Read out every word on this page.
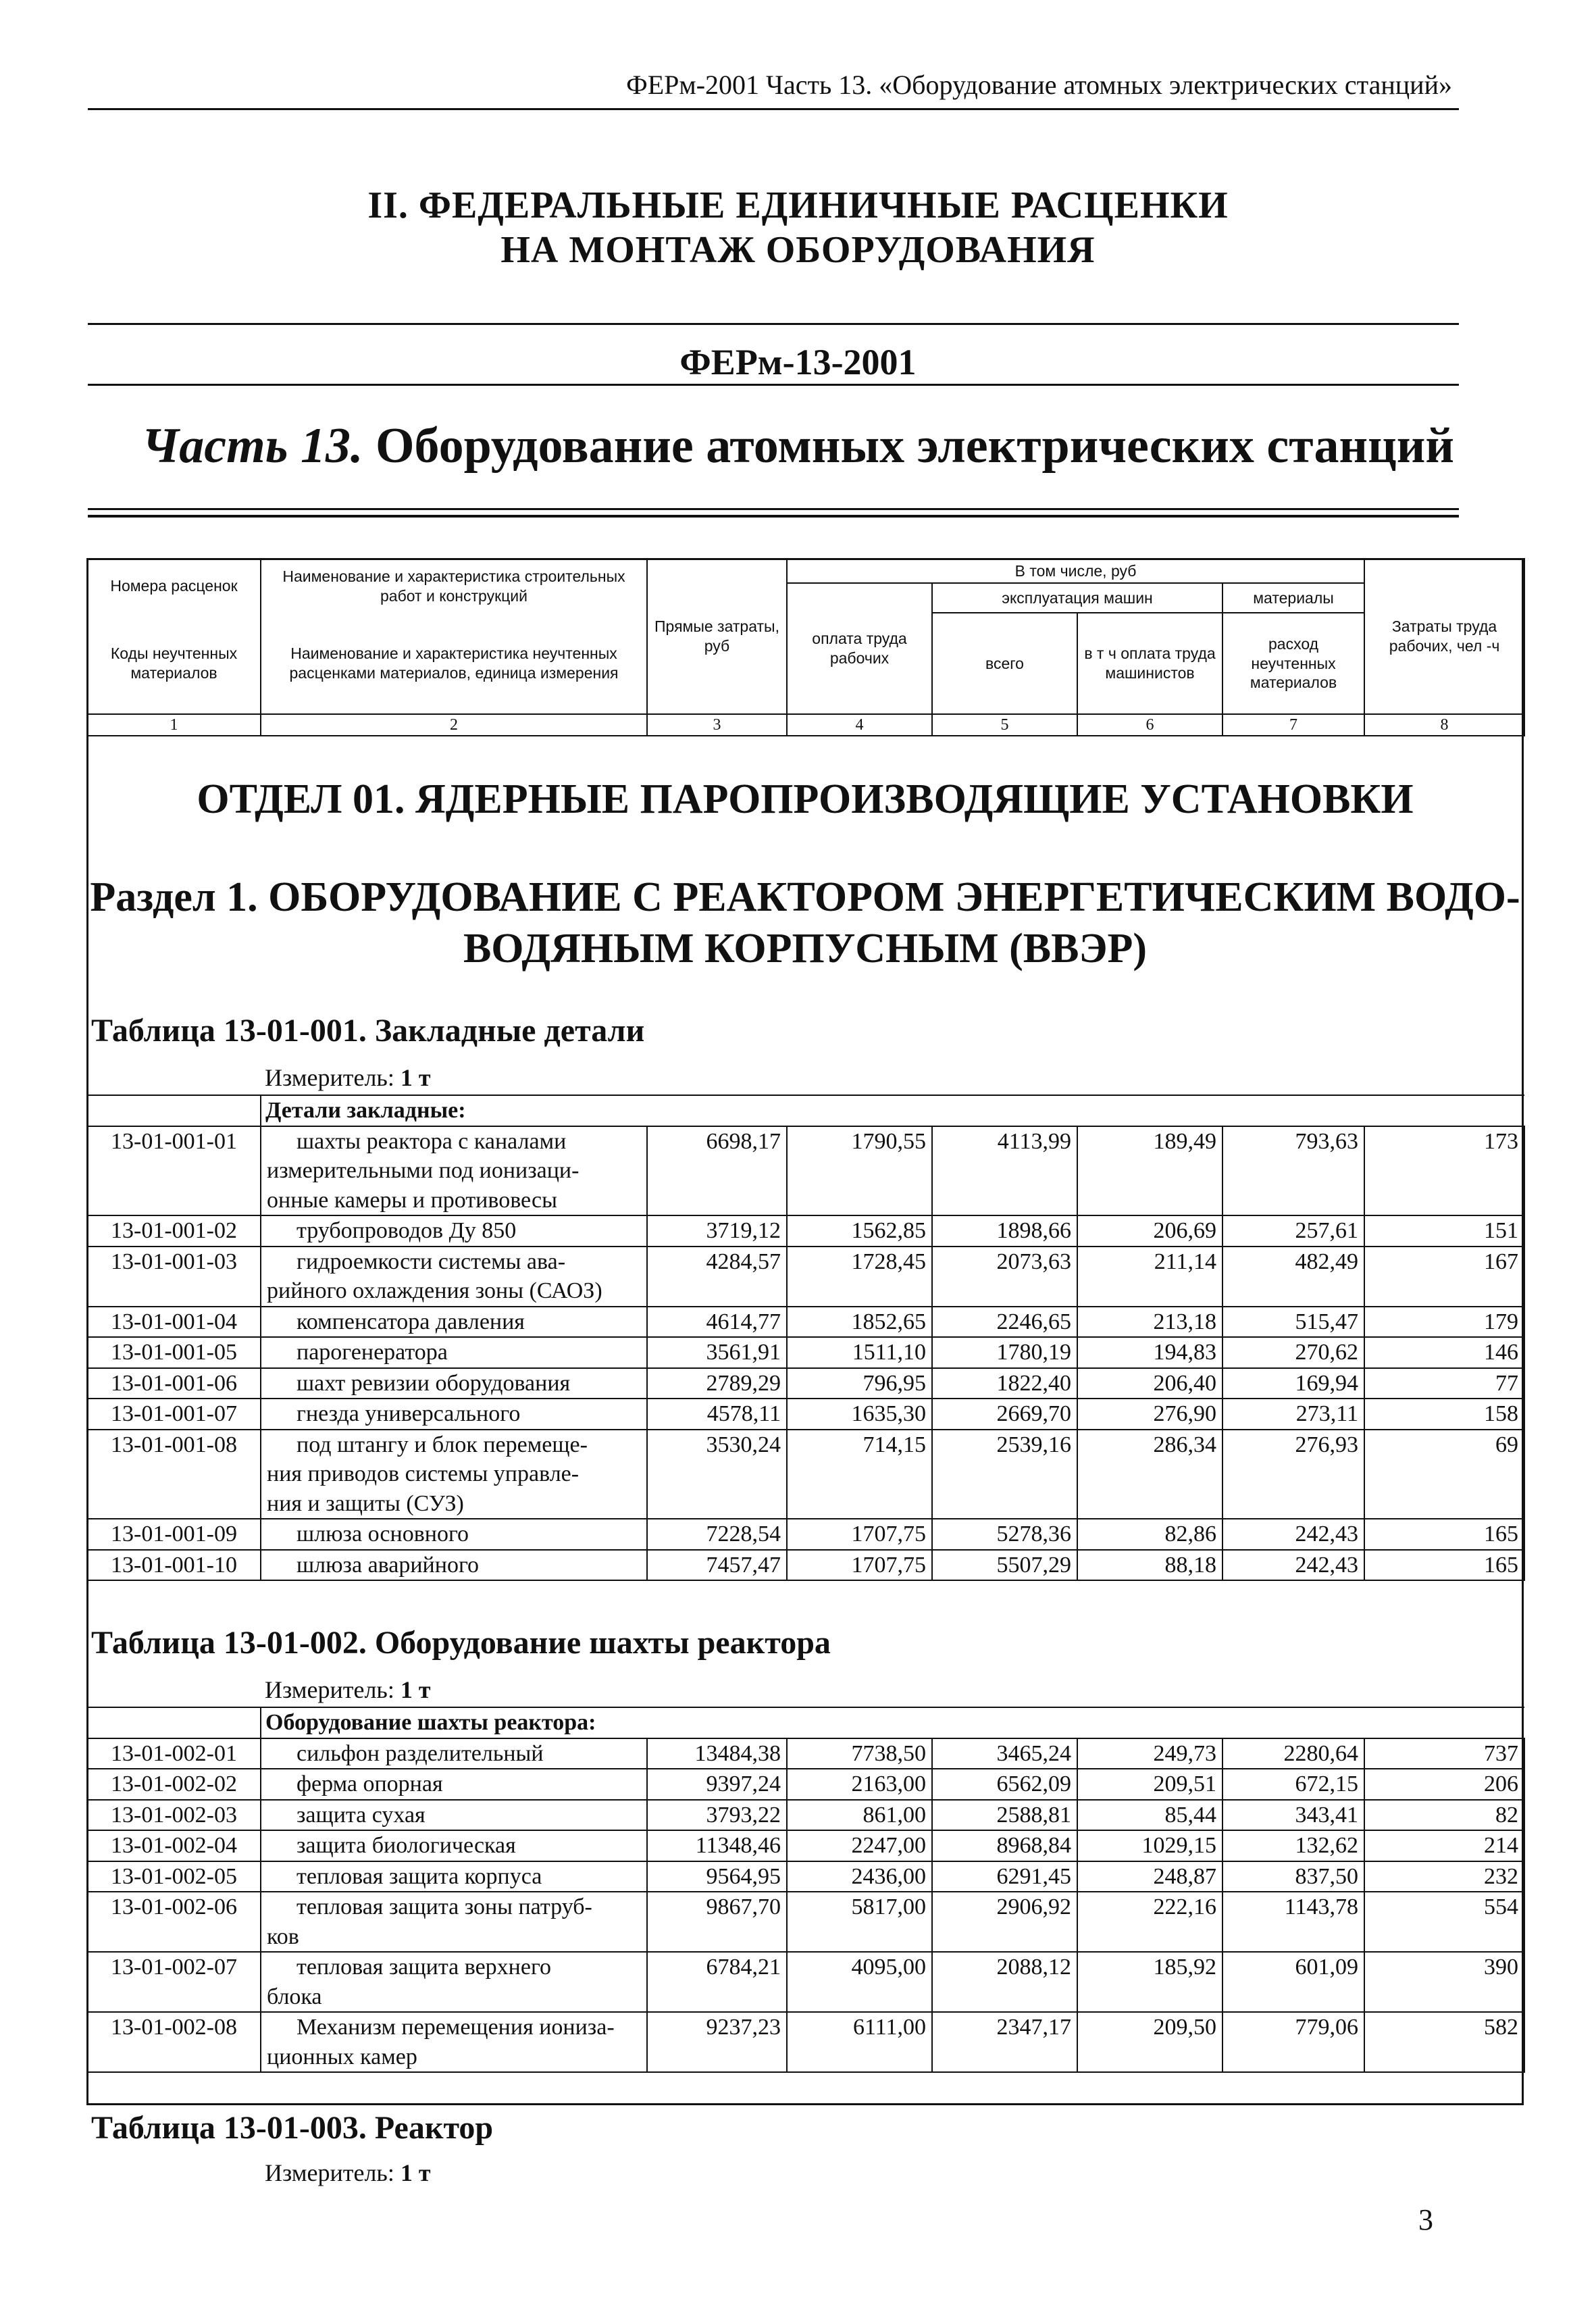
ФЕРм-2001 Часть 13. «Оборудование атомных электрических станций»
II. ФЕДЕРАЛЬНЫЕ ЕДИНИЧНЫЕ РАСЦЕНКИ
НА МОНТАЖ ОБОРУДОВАНИЯ
ФЕРм-13-2001
Часть 13. Оборудование атомных электрических станций
Номера расценок	Наименование и характеристика строительных работ и конструкций	Прямые затраты, руб	В том числе, руб				Затраты труда рабочих, чел -ч
			оплата труда рабочих	эксплуатация машин		материалы	
Коды неучтенных материалов	Наименование и характеристика неучтенных расценками материалов, единица измерения			всего	в т ч оплата труда машинистов	расход неучтенных материалов	

1	2	3	4	5	6	7	8
ОТДЕЛ 01. ЯДЕРНЫЕ ПАРОПРОИЗВОДЯЩИЕ УСТАНОВКИ
Раздел 1. ОБОРУДОВАНИЕ С РЕАКТОРОМ ЭНЕРГЕТИЧЕСКИМ ВОДО-
ВОДЯНЫМ КОРПУСНЫМ (ВВЭР)
Таблица 13-01-001. Закладные детали
Измеритель: 1 т
	Детали закладные:						
13-01-001-01	шахты реактора с каналами
измерительными под ионизаци-
онные камеры и противовесы	6698,17	1790,55	4113,99	189,49	793,63	173
13-01-001-02	трубопроводов Ду 850	3719,12	1562,85	1898,66	206,69	257,61	151
13-01-001-03	гидроемкости системы ава-
рийного охлаждения зоны (САОЗ)	4284,57	1728,45	2073,63	211,14	482,49	167
13-01-001-04	компенсатора давления	4614,77	1852,65	2246,65	213,18	515,47	179
13-01-001-05	парогенератора	3561,91	1511,10	1780,19	194,83	270,62	146
13-01-001-06	шахт ревизии оборудования	2789,29	796,95	1822,40	206,40	169,94	77
13-01-001-07	гнезда универсального	4578,11	1635,30	2669,70	276,90	273,11	158
13-01-001-08	под штангу и блок перемеще-
ния приводов системы управле-
ния и защиты (СУЗ)	3530,24	714,15	2539,16	286,34	276,93	69
13-01-001-09	шлюза основного	7228,54	1707,75	5278,36	82,86	242,43	165
13-01-001-10	шлюза аварийного	7457,47	1707,75	5507,29	88,18	242,43	165
Таблица 13-01-002. Оборудование шахты реактора
Измеритель: 1 т
	Оборудование шахты реактора:						
13-01-002-01	сильфон разделительный	13484,38	7738,50	3465,24	249,73	2280,64	737
13-01-002-02	ферма опорная	9397,24	2163,00	6562,09	209,51	672,15	206
13-01-002-03	защита сухая	3793,22	861,00	2588,81	85,44	343,41	82
13-01-002-04	защита биологическая	11348,46	2247,00	8968,84	1029,15	132,62	214
13-01-002-05	тепловая защита корпуса	9564,95	2436,00	6291,45	248,87	837,50	232
13-01-002-06	тепловая защита зоны патруб-
ков	9867,70	5817,00	2906,92	222,16	1143,78	554
13-01-002-07	тепловая защита верхнего
блока	6784,21	4095,00	2088,12	185,92	601,09	390
13-01-002-08	Механизм перемещения иониза-
ционных камер	9237,23	6111,00	2347,17	209,50	779,06	582
Таблица 13-01-003. Реактор
Измеритель: 1 т
3
